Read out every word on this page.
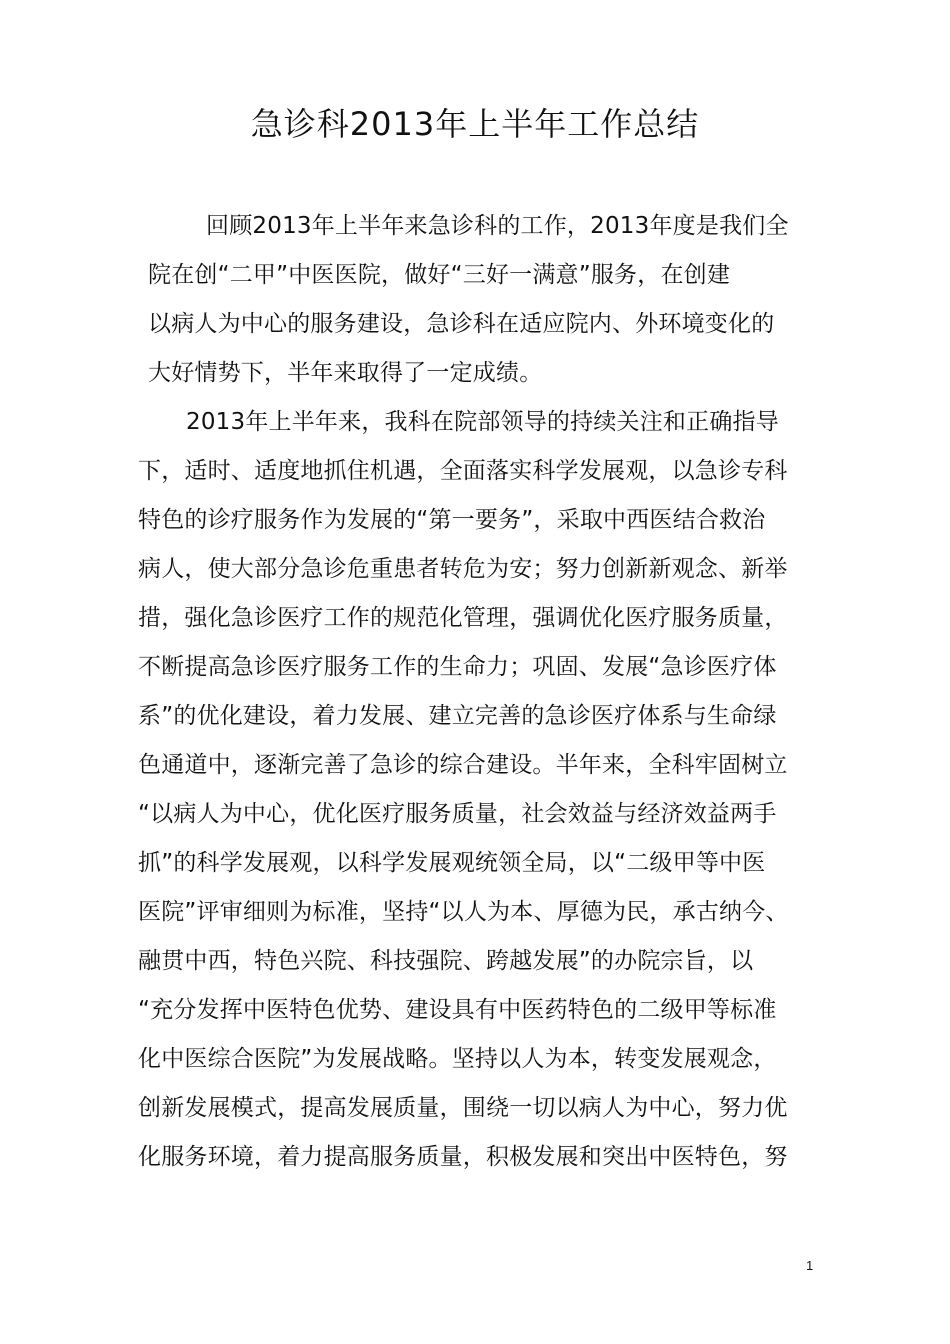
急诊科2013年上半年工作总结
回顾2013年上半年来急诊科的工作，2013年度是我们全
院在创“二甲”中医医院，做好“三好一满意”服务，在创建
以病人为中心的服务建设，急诊科在适应院内、外环境变化的
大好情势下，半年来取得了一定成绩。
2013年上半年来，我科在院部领导的持续关注和正确指导
下，适时、适度地抓住机遇，全面落实科学发展观，以急诊专科
特色的诊疗服务作为发展的“第一要务”，采取中西医结合救治
病人，使大部分急诊危重患者转危为安；努力创新新观念、新举
措，强化急诊医疗工作的规范化管理，强调优化医疗服务质量，
不断提高急诊医疗服务工作的生命力；巩固、发展“急诊医疗体
系”的优化建设，着力发展、建立完善的急诊医疗体系与生命绿
色通道中，逐渐完善了急诊的综合建设。半年来，全科牢固树立
“以病人为中心，优化医疗服务质量，社会效益与经济效益两手
抓”的科学发展观，以科学发展观统领全局，以“二级甲等中医
医院”评审细则为标准，坚持“以人为本、厚德为民，承古纳今、
融贯中西，特色兴院、科技强院、跨越发展”的办院宗旨，以
“充分发挥中医特色优势、建设具有中医药特色的二级甲等标准
化中医综合医院”为发展战略。坚持以人为本，转变发展观念，
创新发展模式，提高发展质量，围绕一切以病人为中心，努力优
化服务环境，着力提高服务质量，积极发展和突出中医特色，努
1
